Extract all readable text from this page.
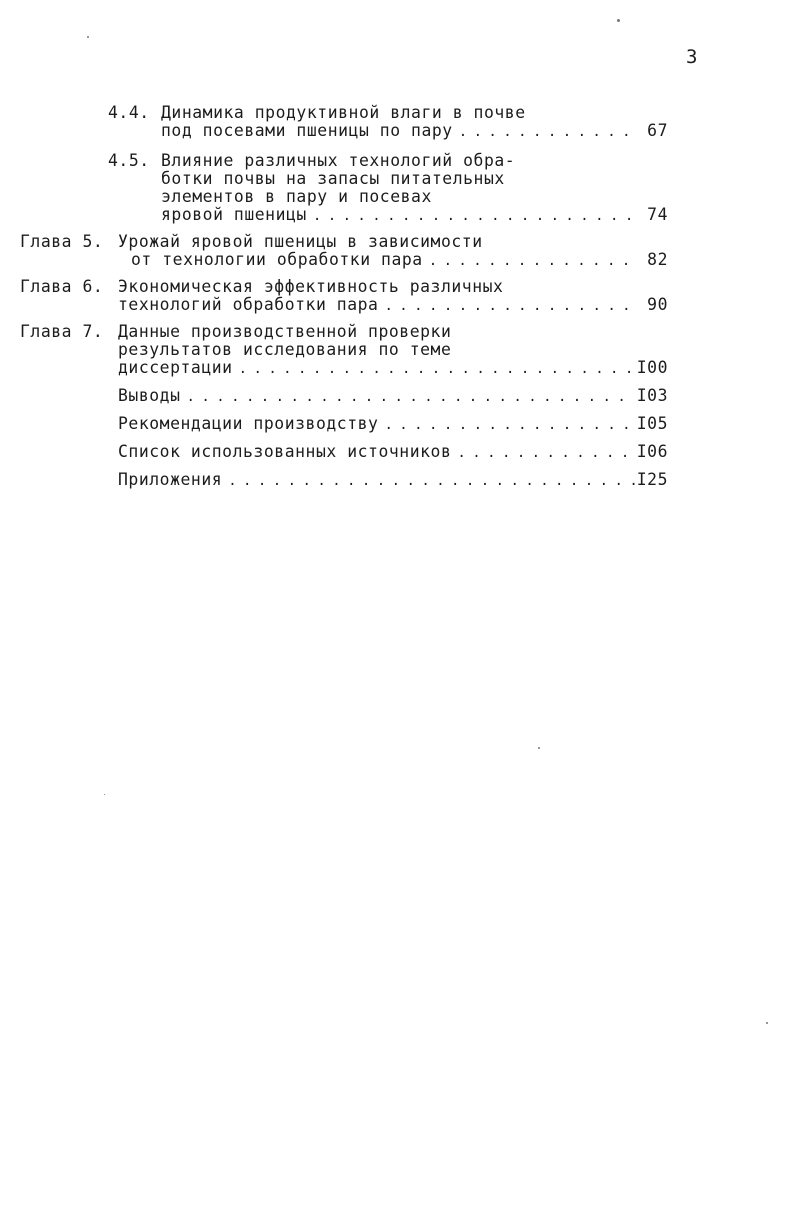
3
4.4. Динамика продуктивной влаги в почве
под посевами пшеницы по пару . . .	67
4.5. Влияние различных технологий обра-
ботки почвы на запасы питательных
элементов в пару и посевах
яровой пшеницы . . .	74
Глава 5. Урожай яровой пшеницы в зависимости
от технологии обработки пара . . .	82
Глава 6. Экономическая эффективность различных
технологий обработки пара . . .	90
Глава 7. Данные производственной проверки
результатов исследования по теме
диссертации . . .	I00
Выводы . . .	I03
Рекомендации производству . . .	I05
Список использованных источников . . .	I06
Приложения . . .	I25
